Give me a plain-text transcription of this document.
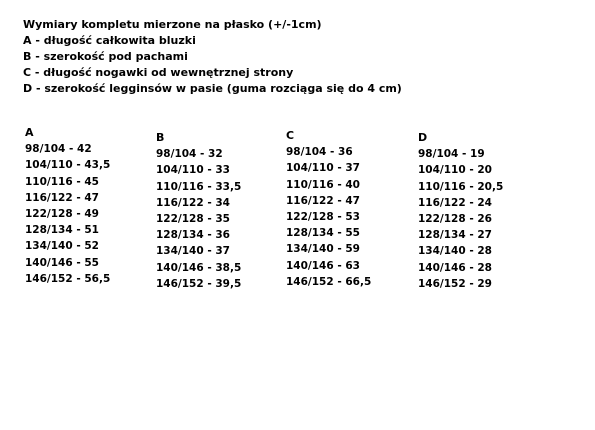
Wymiary kompletu mierzone na płasko (+/-1cm)
A - długość całkowita bluzki
B - szerokość pod pachami
C - długość nogawki od wewnętrznej strony
D - szerokość legginsów w pasie (guma rozciąga się do 4 cm)
A
98/104 - 42
104/110 - 43,5
110/116 - 45
116/122 - 47
122/128 - 49
128/134 - 51
134/140 - 52
140/146 - 55
146/152 - 56,5
B
98/104 - 32
104/110 - 33
110/116 - 33,5
116/122 - 34
122/128 - 35
128/134 - 36
134/140 - 37
140/146 - 38,5
146/152 - 39,5
C
98/104 - 36
104/110 - 37
110/116 - 40
116/122 - 47
122/128 - 53
128/134 - 55
134/140 - 59
140/146 - 63
146/152 - 66,5
D
98/104 - 19
104/110 - 20
110/116 - 20,5
116/122 - 24
122/128 - 26
128/134 - 27
134/140 - 28
140/146 - 28
146/152 - 29
